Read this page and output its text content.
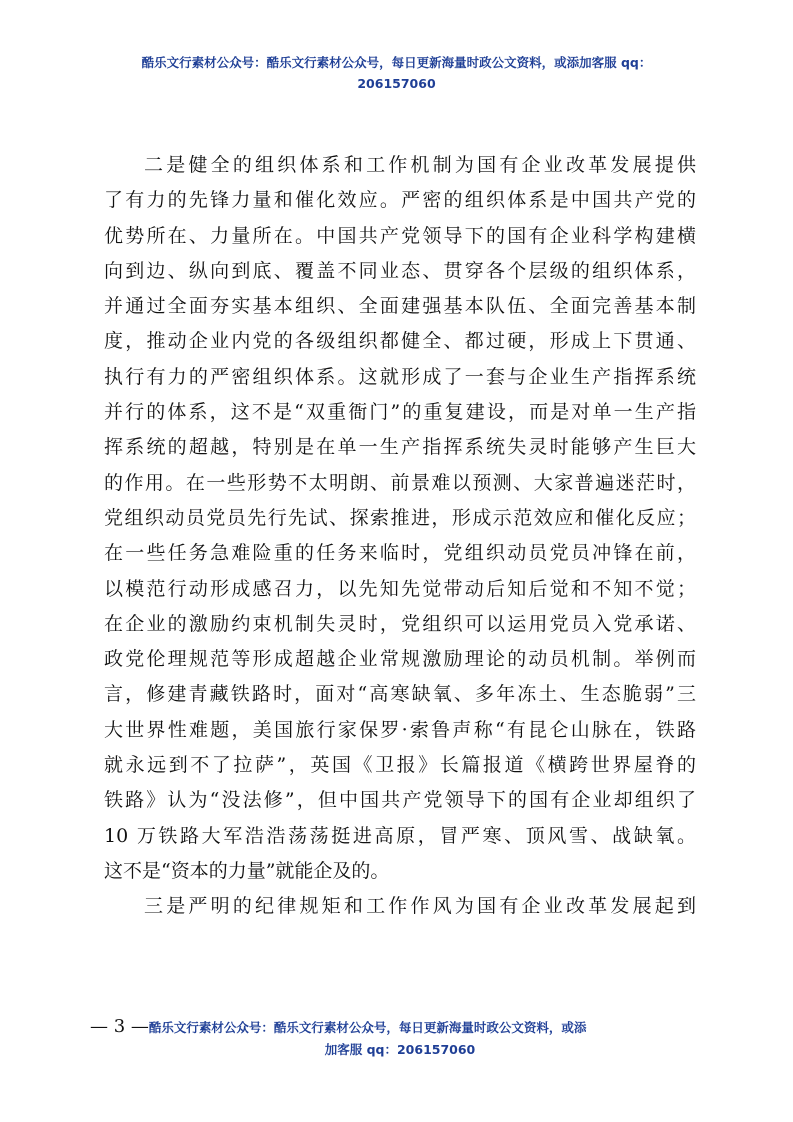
酷乐文行素材公众号：酷乐文行素材公众号，每日更新海量时政公文资料，或添加客服 qq：
206157060
二是健全的组织体系和工作机制为国有企业改革发展提供
了有力的先锋力量和催化效应。严密的组织体系是中国共产党的
优势所在、力量所在。中国共产党领导下的国有企业科学构建横
向到边、纵向到底、覆盖不同业态、贯穿各个层级的组织体系，
并通过全面夯实基本组织、全面建强基本队伍、全面完善基本制
度，推动企业内党的各级组织都健全、都过硬，形成上下贯通、
执行有力的严密组织体系。这就形成了一套与企业生产指挥系统
并行的体系，这不是“双重衙门”的重复建设，而是对单一生产指
挥系统的超越，特别是在单一生产指挥系统失灵时能够产生巨大
的作用。在一些形势不太明朗、前景难以预测、大家普遍迷茫时，
党组织动员党员先行先试、探索推进，形成示范效应和催化反应；
在一些任务急难险重的任务来临时，党组织动员党员冲锋在前，
以模范行动形成感召力，以先知先觉带动后知后觉和不知不觉；
在企业的激励约束机制失灵时，党组织可以运用党员入党承诺、
政党伦理规范等形成超越企业常规激励理论的动员机制。举例而
言，修建青藏铁路时，面对“高寒缺氧、多年冻土、生态脆弱”三
大世界性难题，美国旅行家保罗·索鲁声称“有昆仑山脉在，铁路
就永远到不了拉萨”，英国《卫报》长篇报道《横跨世界屋脊的
铁路》认为“没法修”，但中国共产党领导下的国有企业却组织了
10 万铁路大军浩浩荡荡挺进高原，冒严寒、顶风雪、战缺氧。
这不是“资本的力量”就能企及的。
三是严明的纪律规矩和工作作风为国有企业改革发展起到
— 3 —酷乐文行素材公众号：酷乐文行素材公众号，每日更新海量时政公文资料，或添
加客服 qq：206157060
